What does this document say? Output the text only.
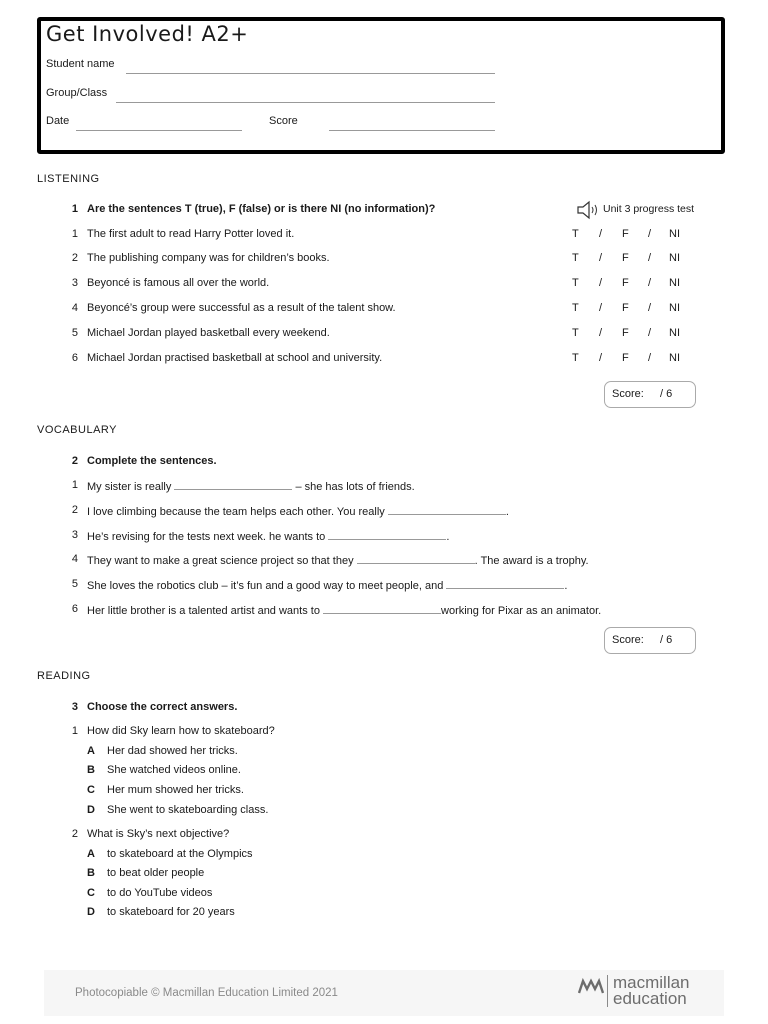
Get Involved! A2+
Student name
Group/Class
Date	Score
LISTENING
1 Are the sentences T (true), F (false) or is there NI (no information)?	Unit 3 progress test
1 The first adult to read Harry Potter loved it.	T / F / NI
2 The publishing company was for children’s books.	T / F / NI
3 Beyoncé is famous all over the world.	T / F / NI
4 Beyoncé’s group were successful as a result of the talent show.	T / F / NI
5 Michael Jordan played basketball every weekend.	T / F / NI
6 Michael Jordan practised basketball at school and university.	T / F / NI
Score: / 6
VOCABULARY
2 Complete the sentences.
1 My sister is really	– she has lots of friends.
2 I love climbing because the team helps each other. You really	.
3 He’s revising for the tests next week. he wants to	.
4 They want to make a great science project so that they	. The award is a trophy.
5 She loves the robotics club – it’s fun and a good way to meet people, and	.
6 Her little brother is a talented artist and wants to	working for Pixar as an animator.
Score: / 6
READING
3 Choose the correct answers.
1 How did Sky learn how to skateboard?
A	Her dad showed her tricks.
B	She watched videos online.
C	Her mum showed her tricks.
D	She went to skateboarding class.
2 What is Sky’s next objective?
A	to skateboard at the Olympics
B	to beat older people
C	to do YouTube videos
D	to skateboard for 20 years
Photocopiable © Macmillan Education Limited 2021
macmillan
education
